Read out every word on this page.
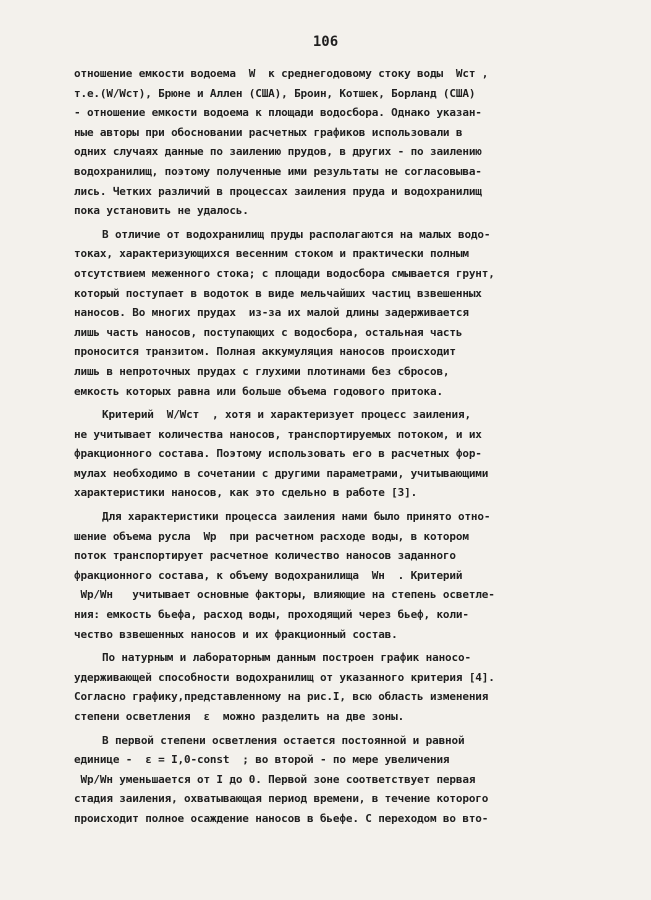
106
отношение емкости водоема  W  к среднегодовому стоку воды  Wст ,
т.е.(W/Wст), Брюне и Аллен (США), Броин, Котшек, Борланд (США)
- отношение емкости водоема к площади водосбора. Однако указан-
ные авторы при обосновании расчетных графиков использовали в
одних случаях данные по заилению прудов, в других - по заилению
водохранилищ, поэтому полученные ими результаты не согласовыва-
лись. Четких различий в процессах заиления пруда и водохранилищ
пока установить не удалось.
В отличие от водохранилищ пруды располагаются на малых водо-
токах, характеризующихся весенним стоком и практически полным
отсутствием меженного стока; с площади водосбора смывается грунт,
который поступает в водоток в виде мельчайших частиц взвешенных
наносов. Во многих прудах  из-за их малой длины задерживается
лишь часть наносов, поступающих с водосбора, остальная часть
проносится транзитом. Полная аккумуляция наносов происходит
лишь в непроточных прудах с глухими плотинами без сбросов,
емкость которых равна или больше объема годового притока.
Критерий  W/Wст  , хотя и характеризует процесс заиления,
не учитывает количества наносов, транспортируемых потоком, и их
фракционного состава. Поэтому использовать его в расчетных фор-
мулах необходимо в сочетании с другими параметрами, учитывающими
характеристики наносов, как это сдельно в работе [3].
Для характеристики процесса заиления нами было принято отно-
шение объема русла  Wр  при расчетном расходе воды, в котором
поток транспортирует расчетное количество наносов заданного
фракционного состава, к объему водохранилища  Wн  . Критерий
Wр/Wн   учитывает основные факторы, влияющие на степень осветле-
ния: емкость бьефа, расход воды, проходящий через бьеф, коли-
чество взвешенных наносов и их фракционный состав.
По натурным и лабораторным данным построен график наносо-
удерживающей способности водохранилищ от указанного критерия [4].
Согласно графику,представленному на рис.I, всю область изменения
степени осветления  ε  можно разделить на две зоны.
В первой степени осветления остается постоянной и равной
единице -  ε = I,0-const  ; во второй - по мере увеличения
Wр/Wн уменьшается от I до 0. Первой зоне соответствует первая
стадия заиления, охватывающая период времени, в течение которого
происходит полное осаждение наносов в бьефе. С переходом во вто-
